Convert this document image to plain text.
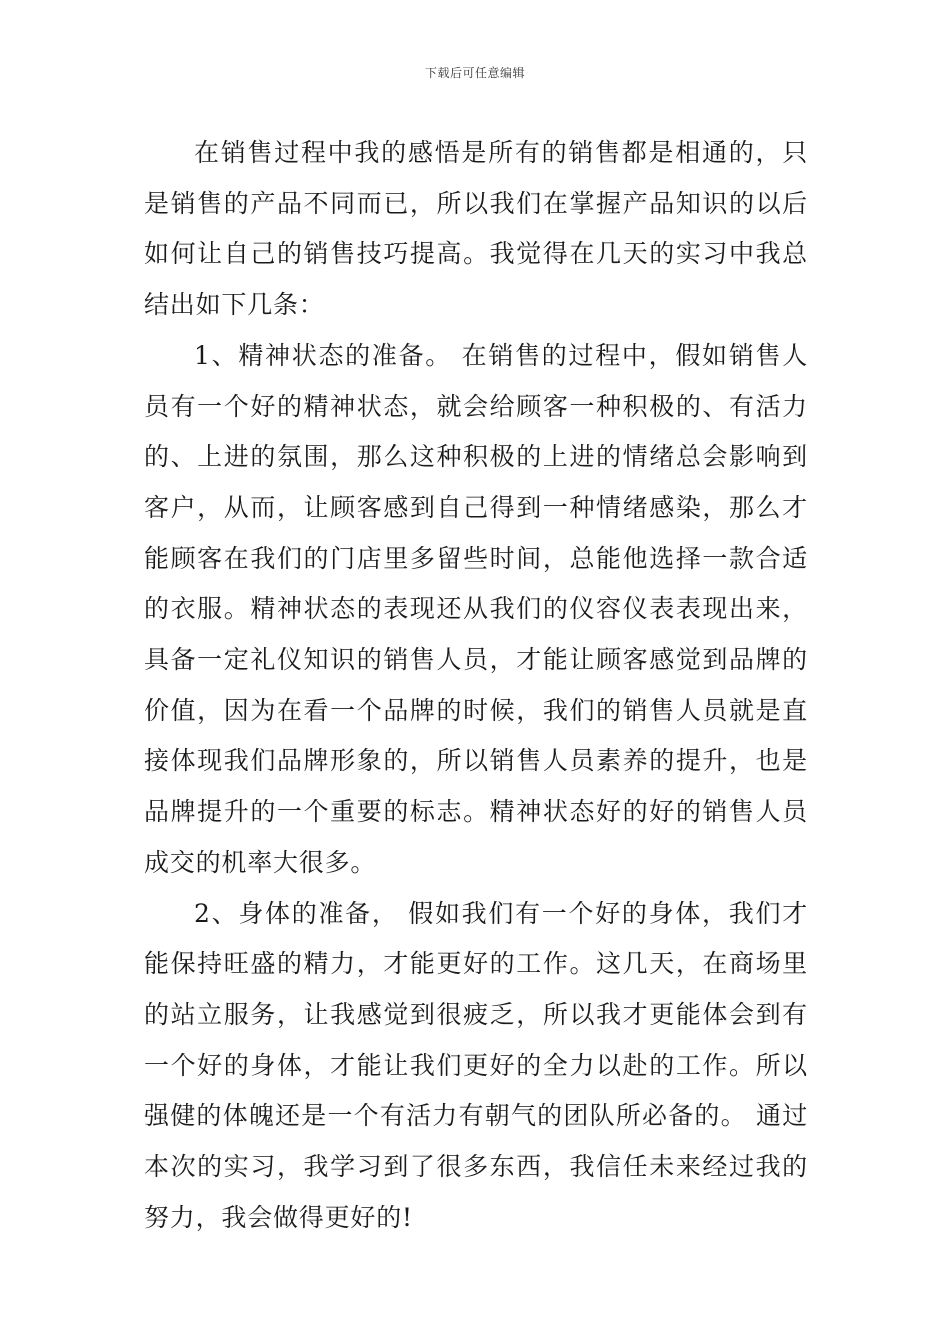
下载后可任意编辑

在销售过程中我的感悟是所有的销售都是相通的，只是销售的产品不同而已，所以我们在掌握产品知识的以后如何让自己的销售技巧提高。我觉得在几天的实习中我总结出如下几条：

1、精神状态的准备。 在销售的过程中，假如销售人员有一个好的精神状态，就会给顾客一种积极的、有活力的、上进的氛围，那么这种积极的上进的情绪总会影响到客户，从而，让顾客感到自己得到一种情绪感染，那么才能顾客在我们的门店里多留些时间，总能他选择一款合适的衣服。精神状态的表现还从我们的仪容仪表表现出来，具备一定礼仪知识的销售人员，才能让顾客感觉到品牌的价值，因为在看一个品牌的时候，我们的销售人员就是直接体现我们品牌形象的，所以销售人员素养的提升，也是品牌提升的一个重要的标志。精神状态好的好的销售人员成交的机率大很多。

2、身体的准备， 假如我们有一个好的身体，我们才能保持旺盛的精力，才能更好的工作。这几天，在商场里的站立服务，让我感觉到很疲乏，所以我才更能体会到有一个好的身体，才能让我们更好的全力以赴的工作。所以强健的体魄还是一个有活力有朝气的团队所必备的。 通过本次的实习，我学习到了很多东西，我信任未来经过我的努力，我会做得更好的!
